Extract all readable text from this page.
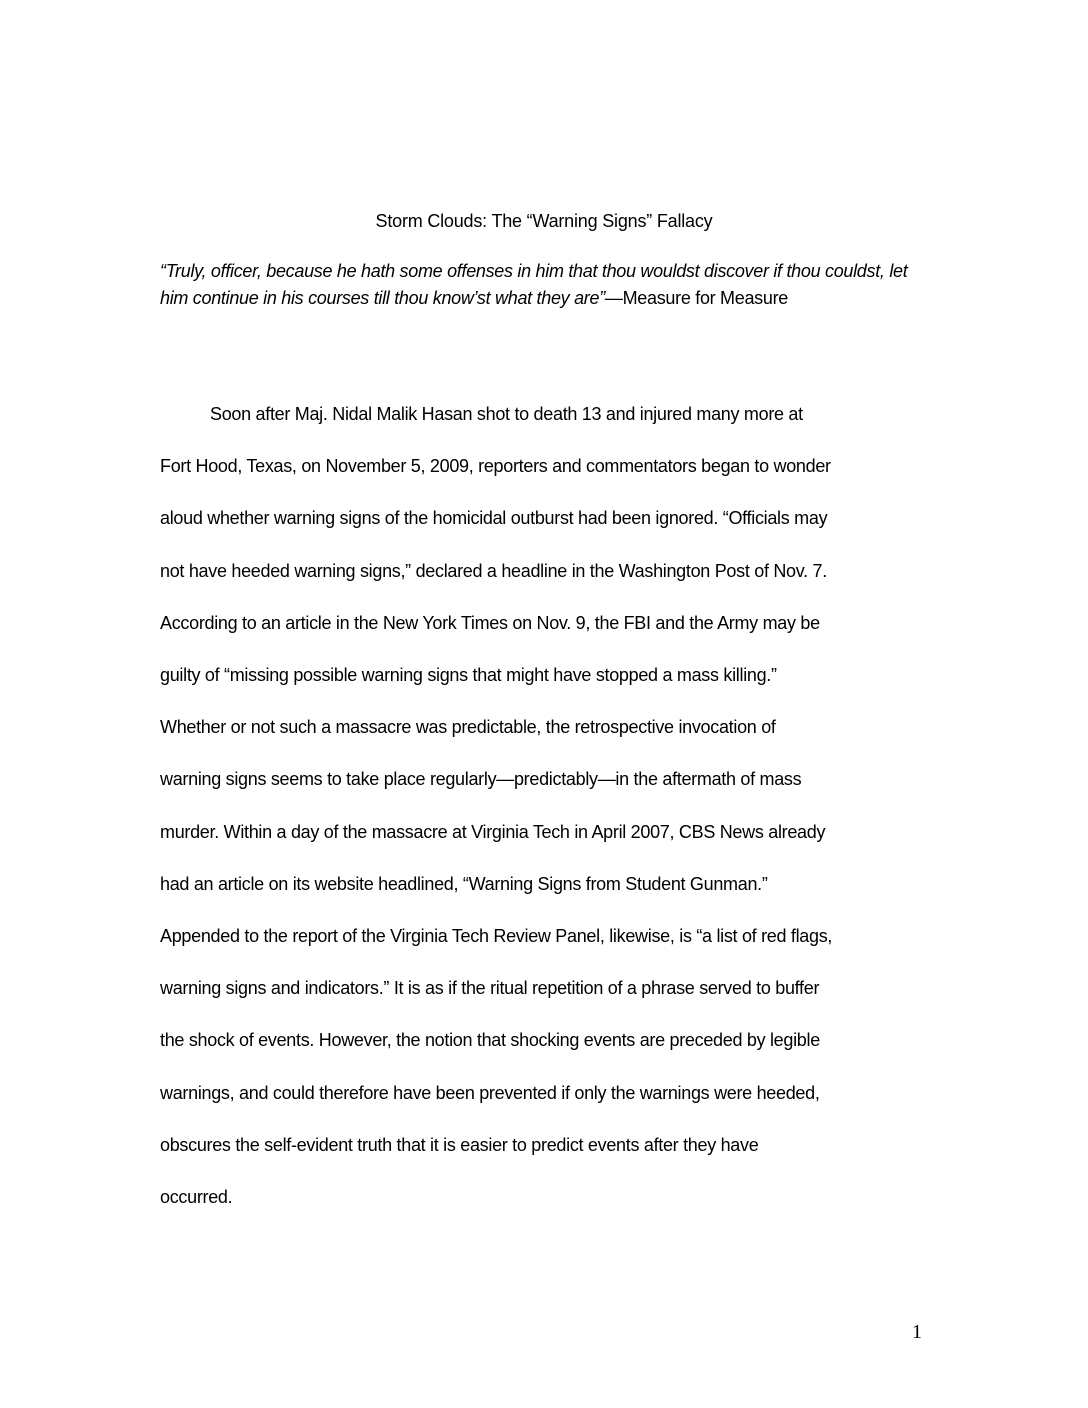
Storm Clouds: The “Warning Signs” Fallacy
“Truly, officer, because he hath some offenses in him that thou wouldst discover if thou couldst, let him continue in his courses till thou know’st what they are”—Measure for Measure
Soon after Maj. Nidal Malik Hasan shot to death 13 and injured many more at
Fort Hood, Texas, on November 5, 2009, reporters and commentators began to wonder
aloud whether warning signs of the homicidal outburst had been ignored. “Officials may
not have heeded warning signs,” declared a headline in the Washington Post of Nov. 7.
According to an article in the New York Times on Nov. 9, the FBI and the Army may be
guilty of “missing possible warning signs that might have stopped a mass killing.”
Whether or not such a massacre was predictable, the retrospective invocation of
warning signs seems to take place regularly—predictably—in the aftermath of mass
murder. Within a day of the massacre at Virginia Tech in April 2007, CBS News already
had an article on its website headlined, “Warning Signs from Student Gunman.”
Appended to the report of the Virginia Tech Review Panel, likewise, is “a list of red flags,
warning signs and indicators.” It is as if the ritual repetition of a phrase served to buffer
the shock of events. However, the notion that shocking events are preceded by legible
warnings, and could therefore have been prevented if only the warnings were heeded,
obscures the self-evident truth that it is easier to predict events after they have
occurred.
1
